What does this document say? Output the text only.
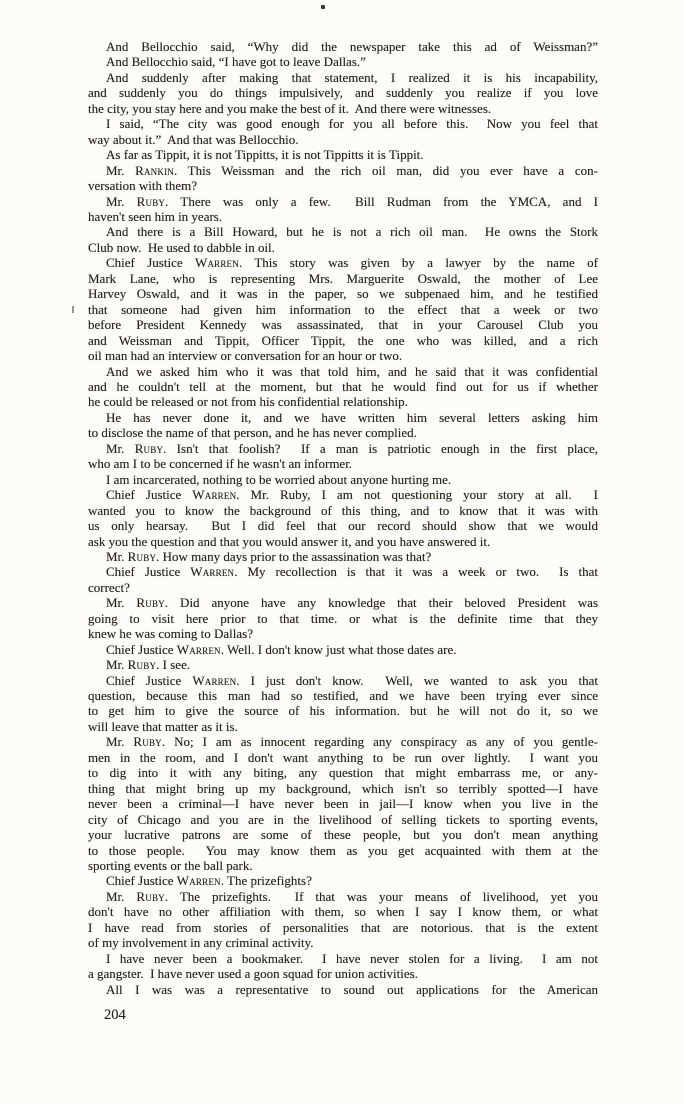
And Bellocchio said, “Why did the newspaper take this ad of Weissman?”

And Bellocchio said, “I have got to leave Dallas.”

And suddenly after making that statement, I realized it is his incapability,
and suddenly you do things impulsively, and suddenly you realize if you love
the city, you stay here and you make the best of it.  And there were witnesses.

I said, “The city was good enough for you all before this.  Now you feel that
way about it.”  And that was Bellocchio.

As far as Tippit, it is not Tippitts, it is not Tippitts it is Tippit.

Mr. Rankin. This Weissman and the rich oil man, did you ever have a con-
versation with them?

Mr. Ruby. There was only a few.  Bill Rudman from the YMCA, and I
haven't seen him in years.

And there is a Bill Howard, but he is not a rich oil man.  He owns the Stork
Club now.  He used to dabble in oil.

Chief Justice Warren. This story was given by a lawyer by the name of
Mark Lane, who is representing Mrs. Marguerite Oswald, the mother of Lee
Harvey Oswald, and it was in the paper, so we subpenaed him, and he testified
that someone had given him information to the effect that a week or two
before President Kennedy was assassinated, that in your Carousel Club you
and Weissman and Tippit, Officer Tippit, the one who was killed, and a rich
oil man had an interview or conversation for an hour or two.

And we asked him who it was that told him, and he said that it was confidential
and he couldn't tell at the moment, but that he would find out for us if whether
he could be released or not from his confidential relationship.

He has never done it, and we have written him several letters asking him
to disclose the name of that person, and he has never complied.

Mr. Ruby. Isn't that foolish?  If a man is patriotic enough in the first place,
who am I to be concerned if he wasn't an informer.

I am incarcerated, nothing to be worried about anyone hurting me.

Chief Justice Warren. Mr. Ruby, I am not questioning your story at all.  I
wanted you to know the background of this thing, and to know that it was with
us only hearsay.  But I did feel that our record should show that we would
ask you the question and that you would answer it, and you have answered it.

Mr. Ruby. How many days prior to the assassination was that?

Chief Justice Warren. My recollection is that it was a week or two.  Is that
correct?

Mr. Ruby. Did anyone have any knowledge that their beloved President was
going to visit here prior to that time. or what is the definite time that they
knew he was coming to Dallas?

Chief Justice Warren. Well. I don't know just what those dates are.

Mr. Ruby. I see.

Chief Justice Warren. I just don't know.  Well, we wanted to ask you that
question, because this man had so testified, and we have been trying ever since
to get him to give the source of his information. but he will not do it, so we
will leave that matter as it is.

Mr. Ruby. No; I am as innocent regarding any conspiracy as any of you gentle-
men in the room, and I don't want anything to be run over lightly.  I want you
to dig into it with any biting, any question that might embarrass me, or any-
thing that might bring up my background, which isn't so terribly spotted—I have
never been a criminal—I have never been in jail—I know when you live in the
city of Chicago and you are in the livelihood of selling tickets to sporting events,
your lucrative patrons are some of these people, but you don't mean anything
to those people.  You may know them as you get acquainted with them at the
sporting events or the ball park.

Chief Justice Warren. The prizefights?

Mr. Ruby. The prizefights.  If that was your means of livelihood, yet you
don't have no other affiliation with them, so when I say I know them, or what
I have read from stories of personalities that are notorious. that is the extent
of my involvement in any criminal activity.

I have never been a bookmaker.  I have never stolen for a living.  I am not
a gangster.  I have never used a goon squad for union activities.

All I was was a representative to sound out applications for the American

204
